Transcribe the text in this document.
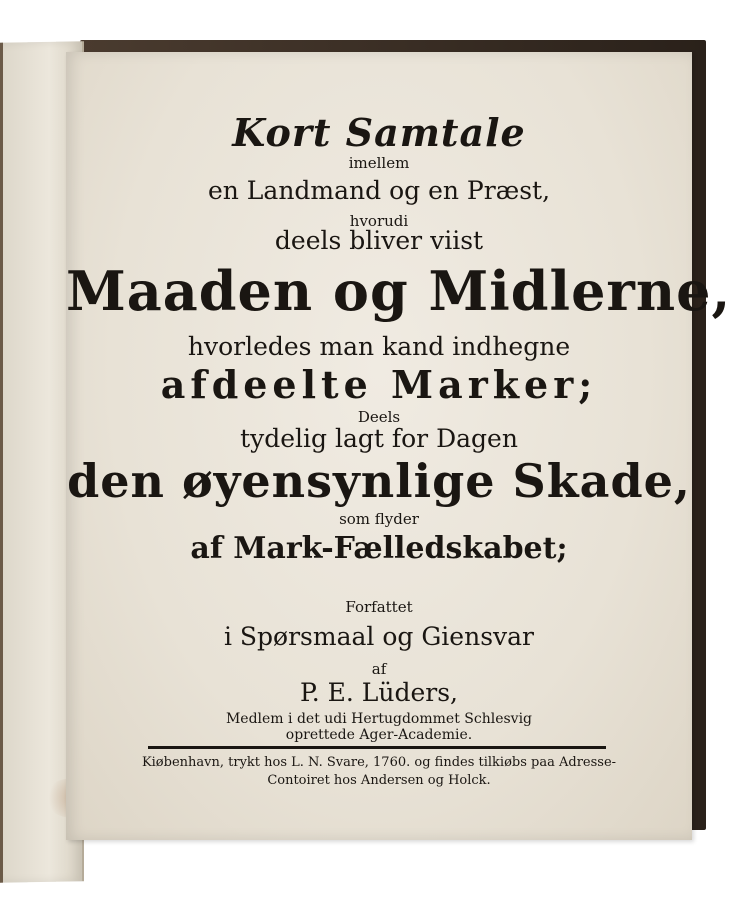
Kort Samtale
imellem
en Landmand og en Præst,
hvorudi
deels bliver viist
Maaden og Midlerne,
hvorledes man kand indhegne
afdeelte Marker;
Deels
tydelig lagt for Dagen
den øyensynlige Skade,
som flyder
af Mark-Fælledskabet;
Forfattet
i Spørsmaal og Giensvar
af
P. E. Lüders,
Medlem i det udi Hertugdommet Schlesvig
oprettede Ager-Academie.
Kiøbenhavn, trykt hos L. N. Svare, 1760. og findes tilkiøbs paa Adresse-
Contoiret hos Andersen og Holck.
